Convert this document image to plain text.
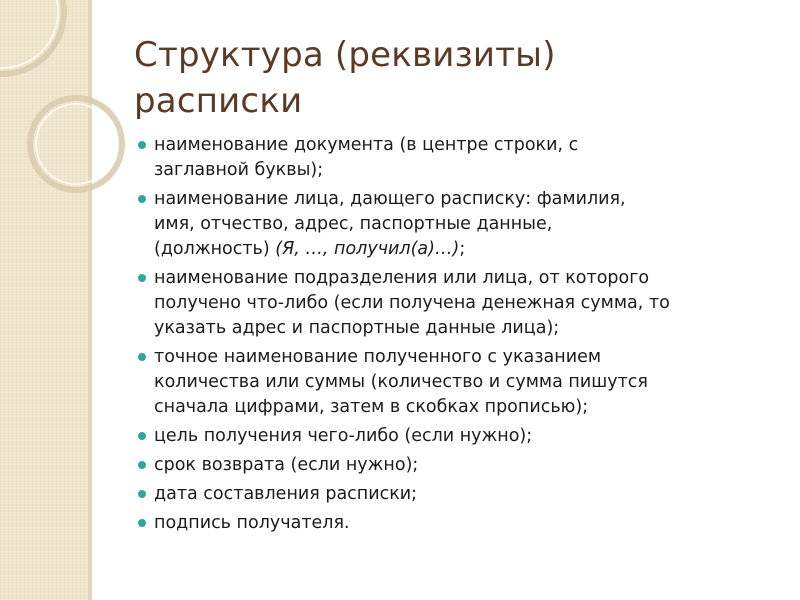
Структура (реквизиты)
расписки
наименование документа (в центре строки, с
заглавной буквы);
наименование лица, дающего расписку: фамилия,
имя, отчество, адрес, паспортные данные,
(должность) (Я, …, получил(а)…);
наименование подразделения или лица, от которого
получено что-либо (если получена денежная сумма, то
указать адрес и паспортные данные лица);
точное наименование полученного с указанием
количества или суммы (количество и сумма пишутся
сначала цифрами, затем в скобках прописью);
цель получения чего-либо (если нужно);
срок возврата (если нужно);
дата составления расписки;
подпись получателя.
